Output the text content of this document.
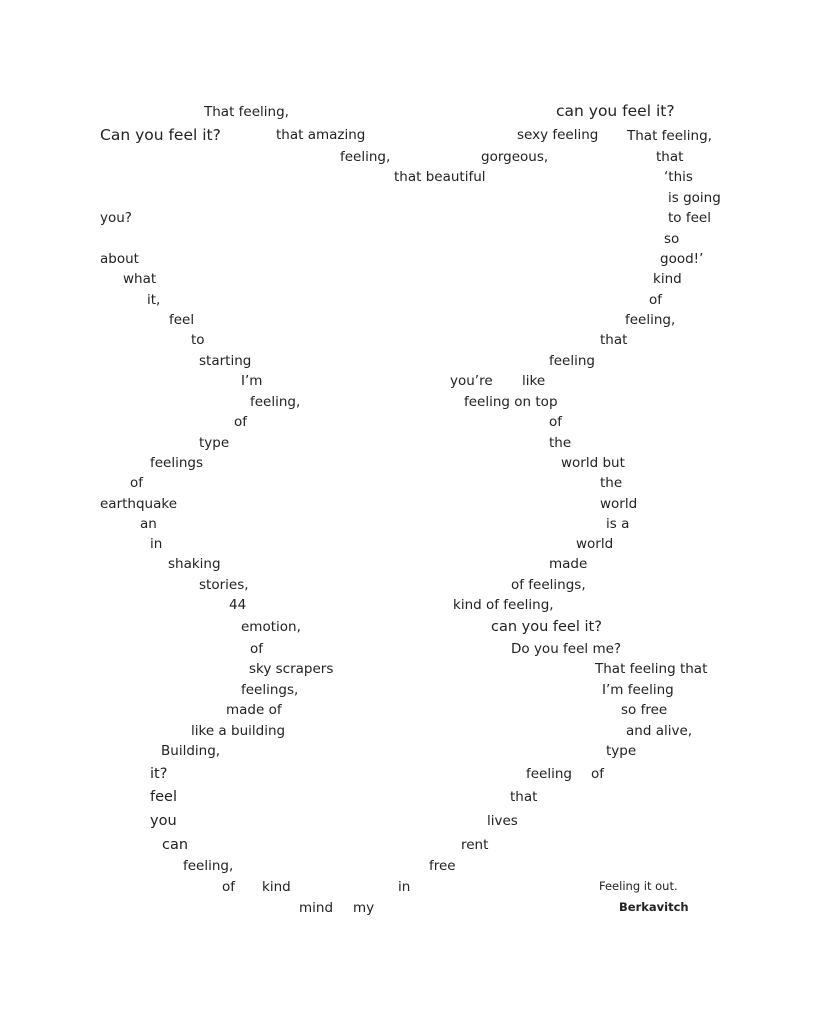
That feeling,	can you feel it?
Can you feel it?	that amazing	sexy feeling That feeling,
feeling,	gorgeous,	that
that beautiful	‘this
is going
you?	to feel
so
about	good!’
what	kind
it,	of
feel	feeling,
to	that
starting	feeling
I’m	you’re like
feeling,	feeling on top
of	of
type	the
feelings	world but
of	the
earthquake	world
an	is a
in	world
shaking	made
stories,	of feelings,
44	kind of feeling,
emotion,	can you feel it?
of	Do you feel me?
sky scrapers	That feeling that
feelings,	I’m feeling
made of	so free
like a building	and alive,
Building,	type
it?	feeling of
feel	that
you	lives
can	rent
feeling,	free
of kind	in
mind my
Feeling it out.
Berkavitch
